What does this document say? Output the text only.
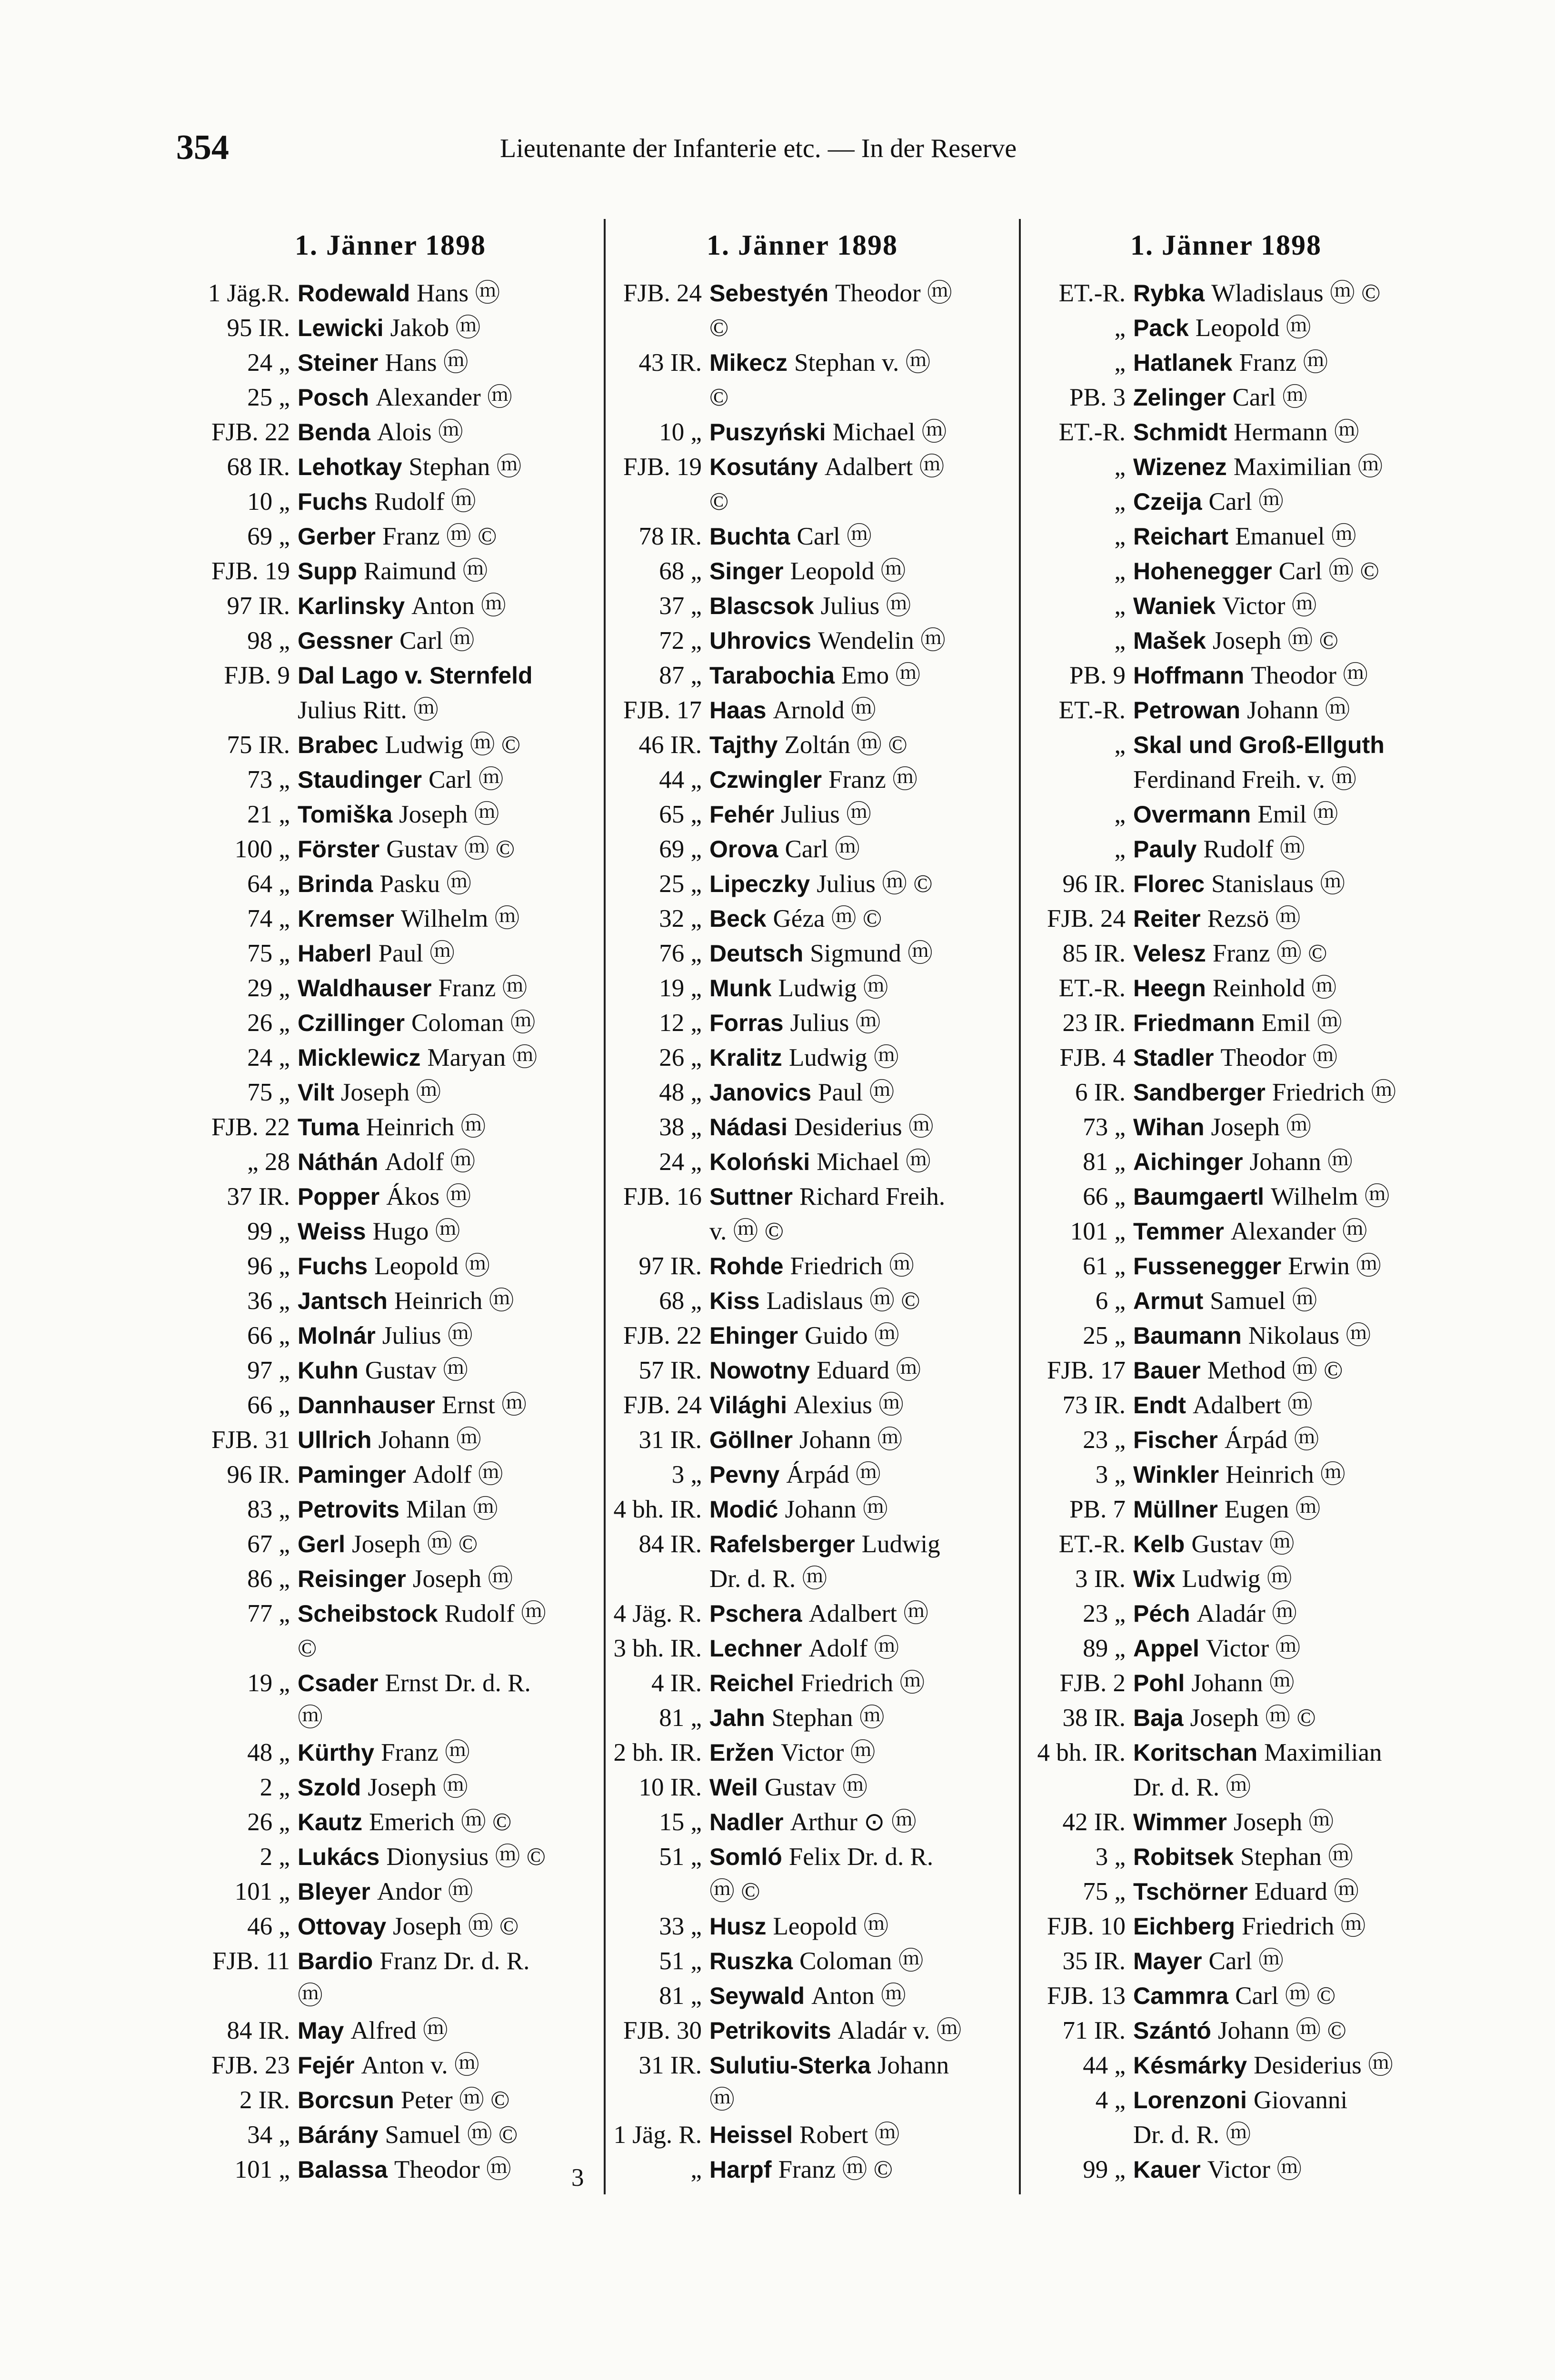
354	Lieutenante der Infanterie etc. — In der Reserve
1. Jänner 1898
1 Jäg.R. Rodewald Hans ⓜ
95 IR. Lewicki Jakob ⓜ
24 „ Steiner Hans ⓜ
25 „ Posch Alexander ⓜ
FJB. 22 Benda Alois ⓜ
68 IR. Lehotkay Stephan ⓜ
10 „ Fuchs Rudolf ⓜ
69 „ Gerber Franz ⓜ ©
FJB. 19 Supp Raimund ⓜ
97 IR. Karlinsky Anton ⓜ
98 „ Gessner Carl ⓜ
FJB. 9 Dal Lago v. Sternfeld
Julius Ritt. ⓜ
75 IR. Brabec Ludwig ⓜ ©
73 „ Staudinger Carl ⓜ
21 „ Tomiška Joseph ⓜ
100 „ Förster Gustav ⓜ ©
64 „ Brinda Pasku ⓜ
74 „ Kremser Wilhelm ⓜ
75 „ Haberl Paul ⓜ
29 „ Waldhauser Franz ⓜ
26 „ Czillinger Coloman ⓜ
24 „ Micklewicz Maryan ⓜ
75 „ Vilt Joseph ⓜ
FJB. 22 Tuma Heinrich ⓜ
„ 28 Náthán Adolf ⓜ
37 IR. Popper Ákos ⓜ
99 „ Weiss Hugo ⓜ
96 „ Fuchs Leopold ⓜ
36 „ Jantsch Heinrich ⓜ
66 „ Molnár Julius ⓜ
97 „ Kuhn Gustav ⓜ
66 „ Dannhauser Ernst ⓜ
FJB. 31 Ullrich Johann ⓜ
96 IR. Paminger Adolf ⓜ
83 „ Petrovits Milan ⓜ
67 „ Gerl Joseph ⓜ ©
86 „ Reisinger Joseph ⓜ
77 „ Scheibstock Rudolf ⓜ
©
19 „ Csader Ernst Dr. d. R.
ⓜ
48 „ Kürthy Franz ⓜ
2 „ Szold Joseph ⓜ
26 „ Kautz Emerich ⓜ ©
2 „ Lukács Dionysius ⓜ ©
101 „ Bleyer Andor ⓜ
46 „ Ottovay Joseph ⓜ ©
FJB. 11 Bardio Franz Dr. d. R.
ⓜ
84 IR. May Alfred ⓜ
FJB. 23 Fejér Anton v. ⓜ
2 IR. Borcsun Peter ⓜ ©
34 „ Bárány Samuel ⓜ ©
101 „ Balassa Theodor ⓜ
1. Jänner 1898
FJB. 24 Sebestyén Theodor ⓜ
©
43 IR. Mikecz Stephan v. ⓜ
©
10 „ Puszyński Michael ⓜ
FJB. 19 Kosutány Adalbert ⓜ
©
78 IR. Buchta Carl ⓜ
68 „ Singer Leopold ⓜ
37 „ Blascsok Julius ⓜ
72 „ Uhrovics Wendelin ⓜ
87 „ Tarabochia Emo ⓜ
FJB. 17 Haas Arnold ⓜ
46 IR. Tajthy Zoltán ⓜ ©
44 „ Czwingler Franz ⓜ
65 „ Fehér Julius ⓜ
69 „ Orova Carl ⓜ
25 „ Lipeczky Julius ⓜ ©
32 „ Beck Géza ⓜ ©
76 „ Deutsch Sigmund ⓜ
19 „ Munk Ludwig ⓜ
12 „ Forras Julius ⓜ
26 „ Kralitz Ludwig ⓜ
48 „ Janovics Paul ⓜ
38 „ Nádasi Desiderius ⓜ
24 „ Koloński Michael ⓜ
FJB. 16 Suttner Richard Freih.
v. ⓜ ©
97 IR. Rohde Friedrich ⓜ
68 „ Kiss Ladislaus ⓜ ©
FJB. 22 Ehinger Guido ⓜ
57 IR. Nowotny Eduard ⓜ
FJB. 24 Világhi Alexius ⓜ
31 IR. Göllner Johann ⓜ
3 „ Pevny Árpád ⓜ
4 bh. IR. Modić Johann ⓜ
84 IR. Rafelsberger Ludwig
Dr. d. R. ⓜ
4 Jäg. R. Pschera Adalbert ⓜ
3 bh. IR. Lechner Adolf ⓜ
4 IR. Reichel Friedrich ⓜ
81 „ Jahn Stephan ⓜ
2 bh. IR. Eržen Victor ⓜ
10 IR. Weil Gustav ⓜ
15 „ Nadler Arthur ⊙ ⓜ
51 „ Somló Felix Dr. d. R.
ⓜ ©
33 „ Husz Leopold ⓜ
51 „ Ruszka Coloman ⓜ
81 „ Seywald Anton ⓜ
FJB. 30 Petrikovits Aladár v. ⓜ
31 IR. Sulutiu-Sterka Johann
ⓜ
1 Jäg. R. Heissel Robert ⓜ
„ Harpf Franz ⓜ ©
1. Jänner 1898
ET.-R. Rybka Wladislaus ⓜ ©
„ Pack Leopold ⓜ
„ Hatlanek Franz ⓜ
PB. 3 Zelinger Carl ⓜ
ET.-R. Schmidt Hermann ⓜ
„ Wizenez Maximilian ⓜ
„ Czeija Carl ⓜ
„ Reichart Emanuel ⓜ
„ Hohenegger Carl ⓜ ©
„ Waniek Victor ⓜ
„ Mašek Joseph ⓜ ©
PB. 9 Hoffmann Theodor ⓜ
ET.-R. Petrowan Johann ⓜ
„ Skal und Groß-Ellguth
Ferdinand Freih. v. ⓜ
„ Overmann Emil ⓜ
„ Pauly Rudolf ⓜ
96 IR. Florec Stanislaus ⓜ
FJB. 24 Reiter Rezsö ⓜ
85 IR. Velesz Franz ⓜ ©
ET.-R. Heegn Reinhold ⓜ
23 IR. Friedmann Emil ⓜ
FJB. 4 Stadler Theodor ⓜ
6 IR. Sandberger Friedrich ⓜ
73 „ Wihan Joseph ⓜ
81 „ Aichinger Johann ⓜ
66 „ Baumgaertl Wilhelm ⓜ
101 „ Temmer Alexander ⓜ
61 „ Fussenegger Erwin ⓜ
6 „ Armut Samuel ⓜ
25 „ Baumann Nikolaus ⓜ
FJB. 17 Bauer Method ⓜ ©
73 IR. Endt Adalbert ⓜ
23 „ Fischer Árpád ⓜ
3 „ Winkler Heinrich ⓜ
PB. 7 Müllner Eugen ⓜ
ET.-R. Kelb Gustav ⓜ
3 IR. Wix Ludwig ⓜ
23 „ Péch Aladár ⓜ
89 „ Appel Victor ⓜ
FJB. 2 Pohl Johann ⓜ
38 IR. Baja Joseph ⓜ ©
4 bh. IR. Koritschan Maximilian
Dr. d. R. ⓜ
42 IR. Wimmer Joseph ⓜ
3 „ Robitsek Stephan ⓜ
75 „ Tschörner Eduard ⓜ
FJB. 10 Eichberg Friedrich ⓜ
35 IR. Mayer Carl ⓜ
FJB. 13 Cammra Carl ⓜ ©
71 IR. Szántó Johann ⓜ ©
44 „ Késmárky Desiderius ⓜ
4 „ Lorenzoni Giovanni
Dr. d. R. ⓜ
99 „ Kauer Victor ⓜ
3
